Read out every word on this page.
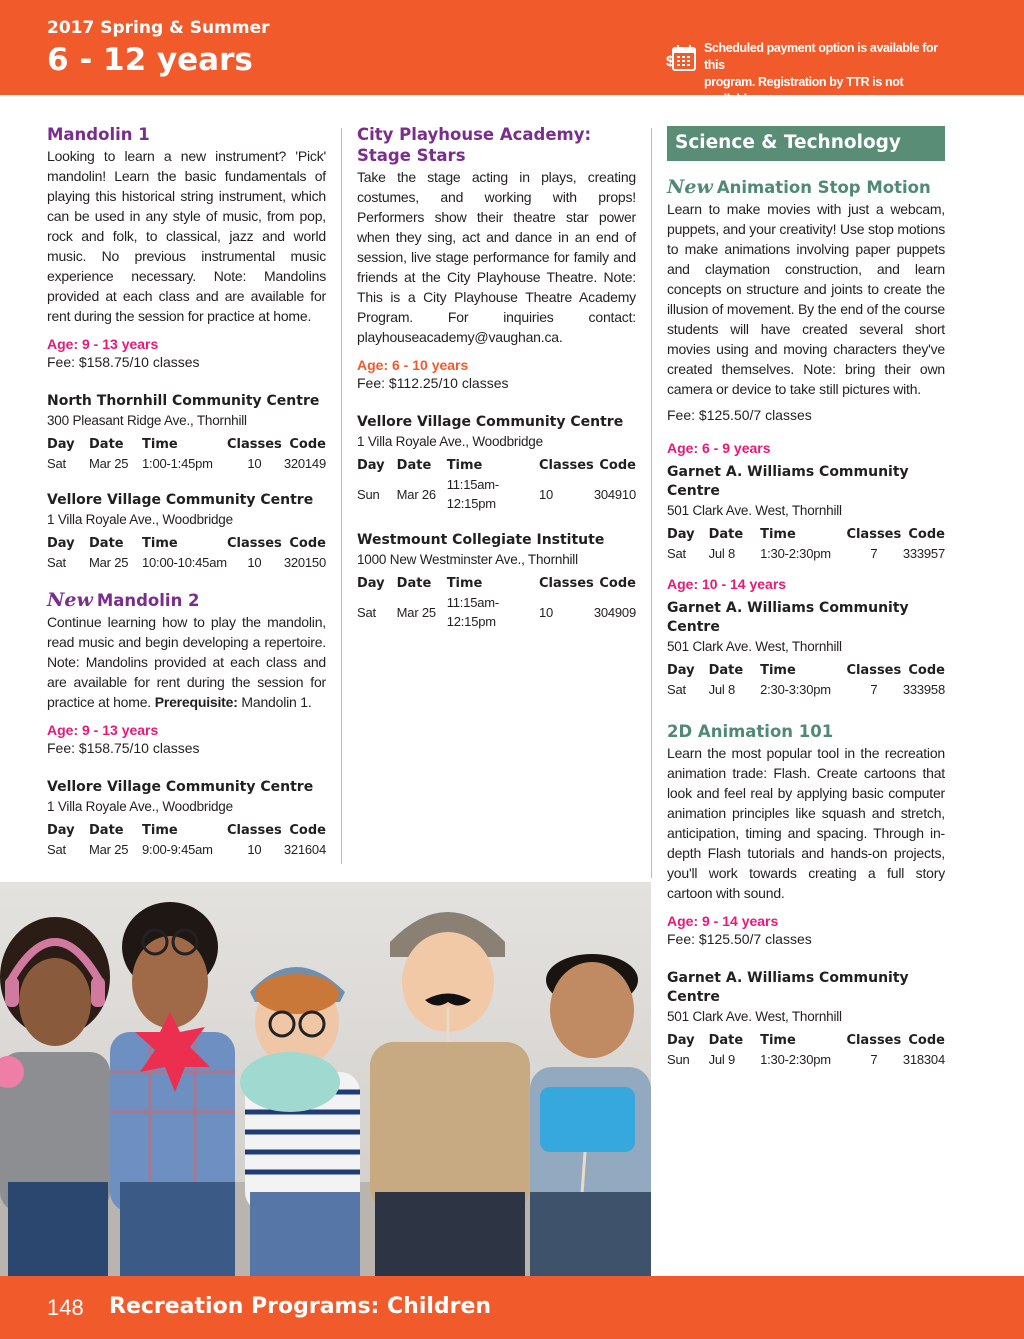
2017 Spring & Summer
6 - 12 years	$
Scheduled payment option is available for this
program. Registration by TTR is not available.
Mandolin 1
Looking to learn a new instrument? 'Pick' mandolin! Learn the basic fundamentals of playing this historical string instrument, which can be used in any style of music, from pop, rock and folk, to classical, jazz and world music. No previous instrumental music experience necessary. Note: Mandolins provided at each class and are available for rent during the session for practice at home.
Age: 9 - 13 years
Fee: $158.75/10 classes
North Thornhill Community Centre
300 Pleasant Ridge Ave., Thornhill
Day	Date	Time	Classes	Code
Sat	Mar 25	1:00-1:45pm	10	320149
Vellore Village Community Centre
1 Villa Royale Ave., Woodbridge
Day	Date	Time	Classes	Code
Sat	Mar 25	10:00-10:45am	10	320150
New Mandolin 2
Continue learning how to play the mandolin, read music and begin developing a repertoire. Note: Mandolins provided at each class and are available for rent during the session for practice at home. Prerequisite: Mandolin 1.
Age: 9 - 13 years
Fee: $158.75/10 classes
Vellore Village Community Centre
1 Villa Royale Ave., Woodbridge
Day	Date	Time	Classes	Code
Sat	Mar 25	9:00-9:45am	10	321604
City Playhouse Academy:
Stage Stars
Take the stage acting in plays, creating costumes, and working with props! Performers show their theatre star power when they sing, act and dance in an end of session, live stage performance for family and friends at the City Playhouse Theatre. Note: This is a City Playhouse Theatre Academy Program. For inquiries contact: playhouseacademy@vaughan.ca.
Age: 6 - 10 years
Fee: $112.25/10 classes
Vellore Village Community Centre
1 Villa Royale Ave., Woodbridge
Day	Date	Time	Classes	Code
Sun	Mar 26	11:15am-12:15pm	10	304910
Westmount Collegiate Institute
1000 New Westminster Ave., Thornhill
Day	Date	Time	Classes	Code
Sat	Mar 25	11:15am-12:15pm	10	304909
Science & Technology
New Animation Stop Motion
Learn to make movies with just a webcam, puppets, and your creativity! Use stop motions to make animations involving paper puppets and claymation construction, and learn concepts on structure and joints to create the illusion of movement. By the end of the course students will have created several short movies using and moving characters they've created themselves. Note: bring their own camera or device to take still pictures with.
Fee: $125.50/7 classes
Age: 6 - 9 years
Garnet A. Williams Community Centre
501 Clark Ave. West, Thornhill
Day	Date	Time	Classes	Code
Sat	Jul 8	1:30-2:30pm	7	333957
Age: 10 - 14 years
Garnet A. Williams Community Centre
501 Clark Ave. West, Thornhill
Day	Date	Time	Classes	Code
Sat	Jul 8	2:30-3:30pm	7	333958
2D Animation 101
Learn the most popular tool in the recreation animation trade: Flash. Create cartoons that look and feel real by applying basic computer animation principles like squash and stretch, anticipation, timing and spacing. Through in-depth Flash tutorials and hands-on projects, you'll work towards creating a full story cartoon with sound.
Age: 9 - 14 years
Fee: $125.50/7 classes
Garnet A. Williams Community Centre
501 Clark Ave. West, Thornhill
Day	Date	Time	Classes	Code
Sun	Jul 9	1:30-2:30pm	7	318304
148 Recreation Programs: Children
